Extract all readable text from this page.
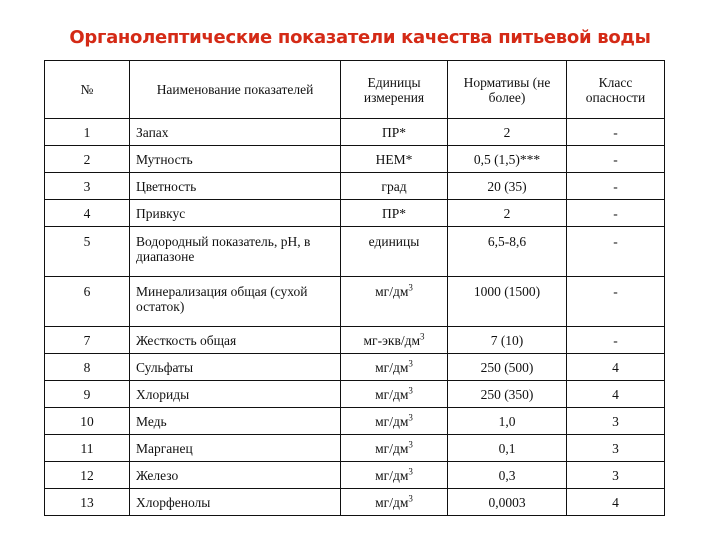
Органолептические показатели качества питьевой воды
№	Наименование показателей	Единицы измерения	Нормативы (не более)	Класс опасности
1	Запах	ПР*	2	-
2	Мутность	НЕМ*	0,5 (1,5)***	-
3	Цветность	град	20 (35)	-
4	Привкус	ПР*	2	-
5	Водородный показатель, рН, в диапазоне	единицы	6,5-8,6	-
6	Минерализация общая (сухой остаток)	$мг/дм^3$	1000 (1500)	-
7	Жесткость общая	$мг-экв/дм^3$	7 (10)	-
8	Сульфаты	$мг/дм^3$	250 (500)	4
9	Хлориды	$мг/дм^3$	250 (350)	4
10	Медь	$мг/дм^3$	1,0	3
11	Марганец	$мг/дм^3$	0,1	3
12	Железо	$мг/дм^3$	0,3	3
13	Хлорфенолы	$мг/дм^3$	0,0003	4
